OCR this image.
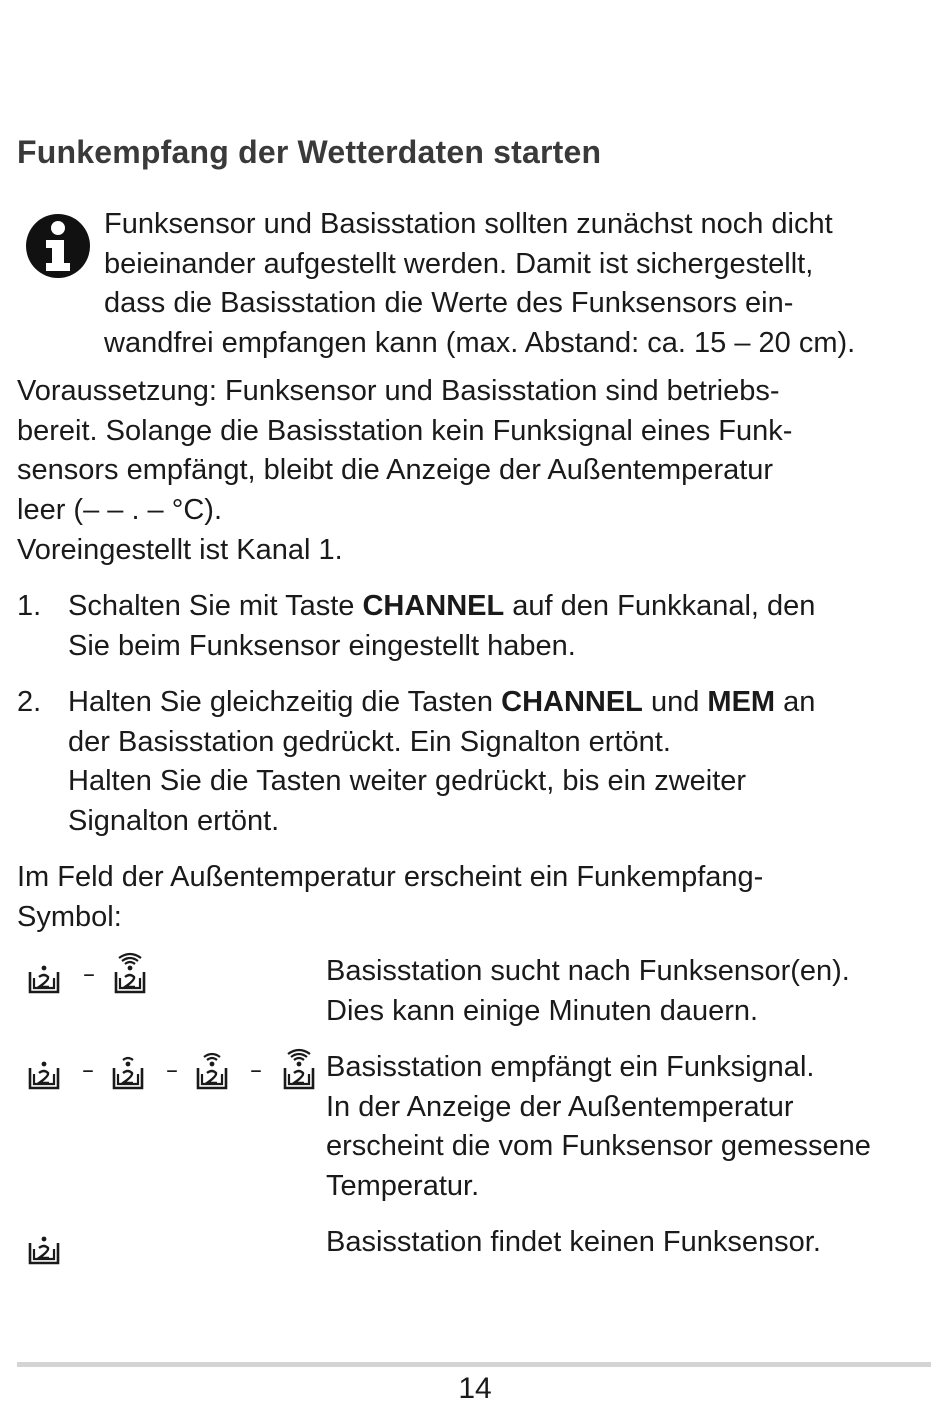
Funkempfang der Wetterdaten starten
Funksensor und Basisstation sollten zunächst noch dicht
beieinander aufgestellt werden. Damit ist sichergestellt,
dass die Basisstation die Werte des Funksensors ein-
wandfrei empfangen kann (max. Abstand: ca. 15 – 20 cm).
Voraussetzung: Funksensor und Basisstation sind betriebs-
bereit. Solange die Basisstation kein Funksignal eines Funk-
sensors empfängt, bleibt die Anzeige der Außentemperatur
leer (– – . – °C).
Voreingestellt ist Kanal 1.
1. Schalten Sie mit Taste CHANNEL auf den Funkkanal, den
Sie beim Funksensor eingestellt haben.
2. Halten Sie gleichzeitig die Tasten CHANNEL und MEM an
der Basisstation gedrückt. Ein Signalton ertönt.
Halten Sie die Tasten weiter gedrückt, bis ein zweiter
Signalton ertönt.
Im Feld der Außentemperatur erscheint ein Funkempfang-
Symbol:
–	Basisstation sucht nach Funksensor(en).
Dies kann einige Minuten dauern.
–	–	– Basisstation empfängt ein Funksignal.
In der Anzeige der Außentemperatur
erscheint die vom Funksensor gemessene
Temperatur.
Basisstation findet keinen Funksensor.
14
